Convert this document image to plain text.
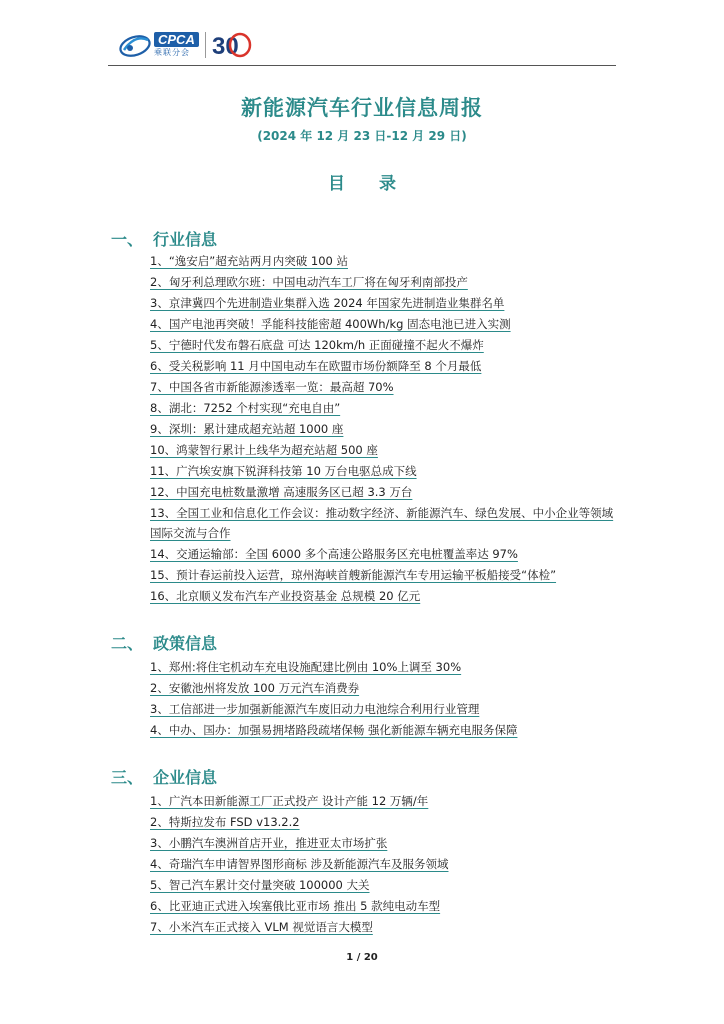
CPCA
乘联分会 30
新能源汽车行业信息周报
(2024 年 12 月 23 日-12 月 29 日)
目 录
一、 行业信息
1、“逸安启”超充站两月内突破 100 站
2、匈牙利总理欧尔班：中国电动汽车工厂将在匈牙利南部投产
3、京津冀四个先进制造业集群入选 2024 年国家先进制造业集群名单
4、国产电池再突破！孚能科技能密超 400Wh/kg 固态电池已进入实测
5、宁德时代发布磐石底盘 可达 120km/h 正面碰撞不起火不爆炸
6、受关税影响 11 月中国电动车在欧盟市场份额降至 8 个月最低
7、中国各省市新能源渗透率一览：最高超 70%
8、湖北：7252 个村实现“充电自由”
9、深圳：累计建成超充站超 1000 座
10、鸿蒙智行累计上线华为超充站超 500 座
11、广汽埃安旗下锐湃科技第 10 万台电驱总成下线
12、中国充电桩数量激增 高速服务区已超 3.3 万台
13、全国工业和信息化工作会议：推动数字经济、新能源汽车、绿色发展、中小企业等领域国际交流与合作
14、交通运输部：全国 6000 多个高速公路服务区充电桩覆盖率达 97%
15、预计春运前投入运营，琼州海峡首艘新能源汽车专用运输平板船接受“体检”
16、北京顺义发布汽车产业投资基金 总规模 20 亿元
二、 政策信息
1、郑州:将住宅机动车充电设施配建比例由 10%上调至 30%
2、安徽池州将发放 100 万元汽车消费券
3、工信部进一步加强新能源汽车废旧动力电池综合利用行业管理
4、中办、国办：加强易拥堵路段疏堵保畅 强化新能源车辆充电服务保障
三、 企业信息
1、广汽本田新能源工厂正式投产 设计产能 12 万辆/年
2、特斯拉发布 FSD v13.2.2
3、小鹏汽车澳洲首店开业，推进亚太市场扩张
4、奇瑞汽车申请智界图形商标 涉及新能源汽车及服务领域
5、智己汽车累计交付量突破 100000 大关
6、比亚迪正式进入埃塞俄比亚市场 推出 5 款纯电动车型
7、小米汽车正式接入 VLM 视觉语言大模型
1 / 20
